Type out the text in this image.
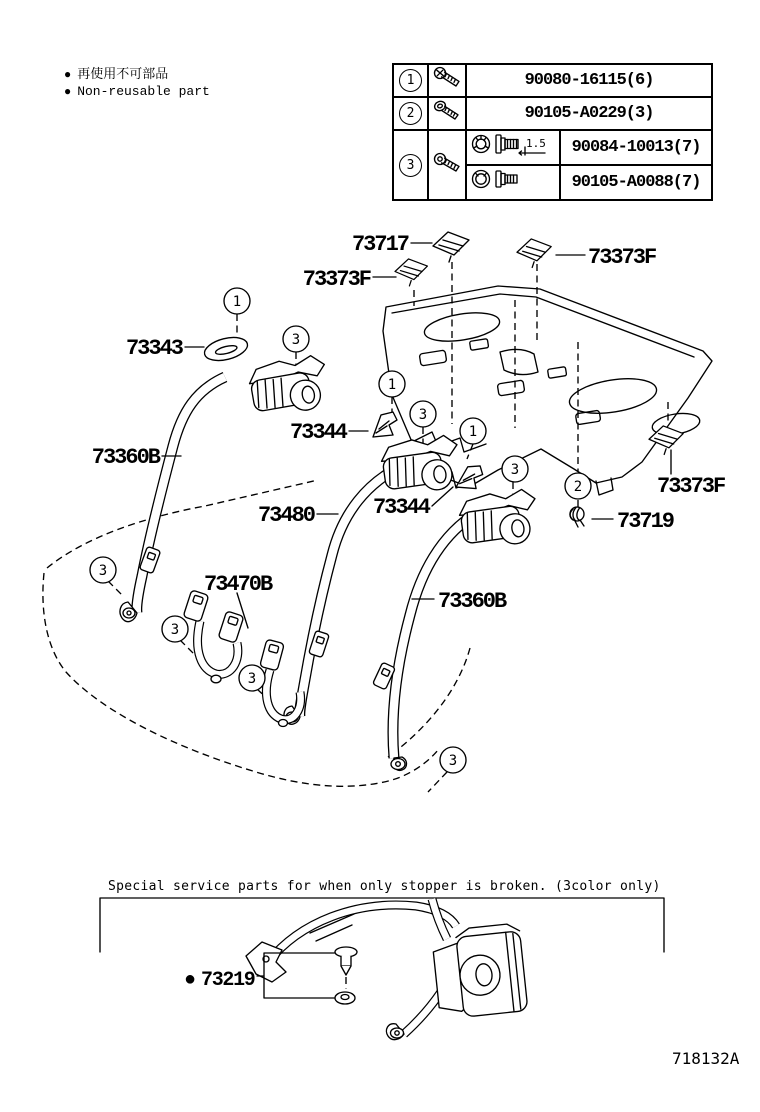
● 再使用不可部品
● Non-reusable part
1		90080-16115(6)	
2		90105-A0229(3)	
3		1.5	90084-10013(7)
	90105-A0088(7)
1
3
1
3
1
3
2
3
3
3
3
73717
73373F
73373F
73343
73360B
73344
73480	73344
73373F
73719
73470B
73360B
Special service parts for when only stopper is broken. (3color only)
● 73219
718132A
